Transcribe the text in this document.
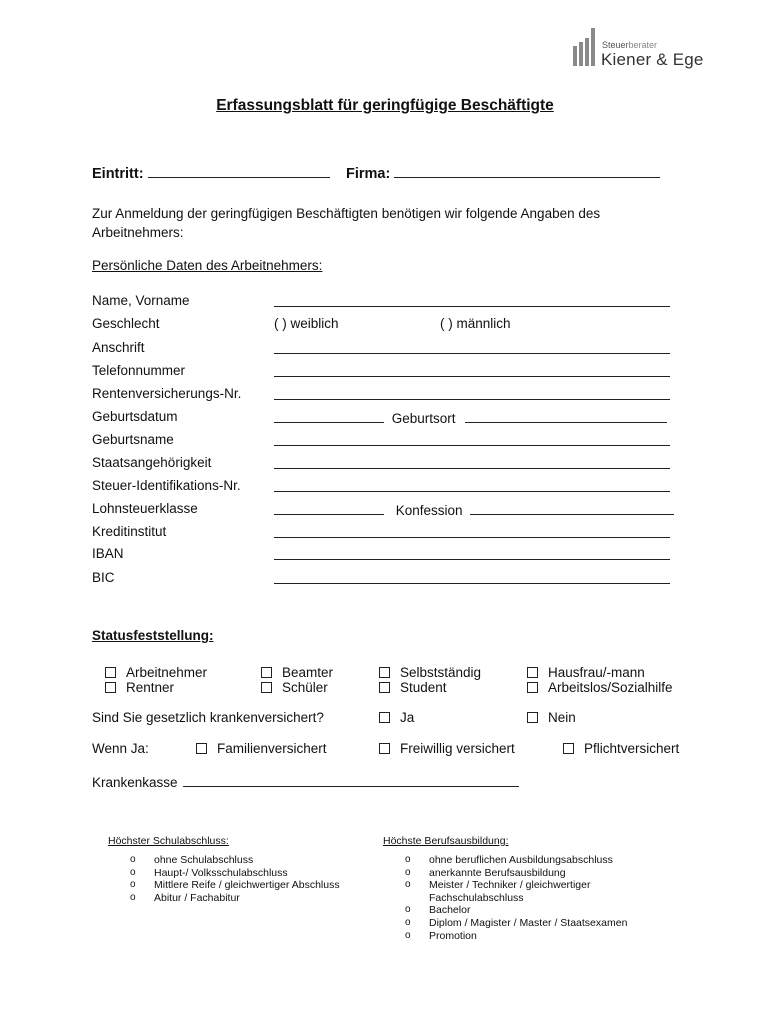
Steuerberater
Kiener & Ege
Erfassungsblatt für geringfügige Beschäftigte
Eintritt:	Firma:
Zur Anmeldung der geringfügigen Beschäftigten benötigen wir folgende Angaben des Arbeitnehmers:
Persönliche Daten des Arbeitnehmers:
Name, Vorname
Geschlecht	( ) weiblich	( ) männlich
Anschrift
Telefonnummer
Rentenversicherungs-Nr.
Geburtsdatum	Geburtsort
Geburtsname
Staatsangehörigkeit
Steuer-Identifikations-Nr.
Lohnsteuerklasse	Konfession
Kreditinstitut
IBAN
BIC
Statusfeststellung:
Arbeitnehmer	Beamter	Selbstständig	Hausfrau/-mann
Rentner	Schüler	Student	Arbeitslos/Sozialhilfe
Sind Sie gesetzlich krankenversichert?	Ja	Nein
Wenn Ja:	Familienversichert	Freiwillig versichert	Pflichtversichert
Krankenkasse
Höchster Schulabschluss:	Höchste Berufsausbildung:
o ohne Schulabschluss
o Haupt-/ Volksschulabschluss
o Mittlere Reife / gleichwertiger Abschluss
o Abitur / Fachabitur
o ohne beruflichen Ausbildungsabschluss
o anerkannte Berufsausbildung
o Meister / Techniker / gleichwertiger Fachschulabschluss
o Bachelor
o Diplom / Magister / Master / Staatsexamen
o Promotion
